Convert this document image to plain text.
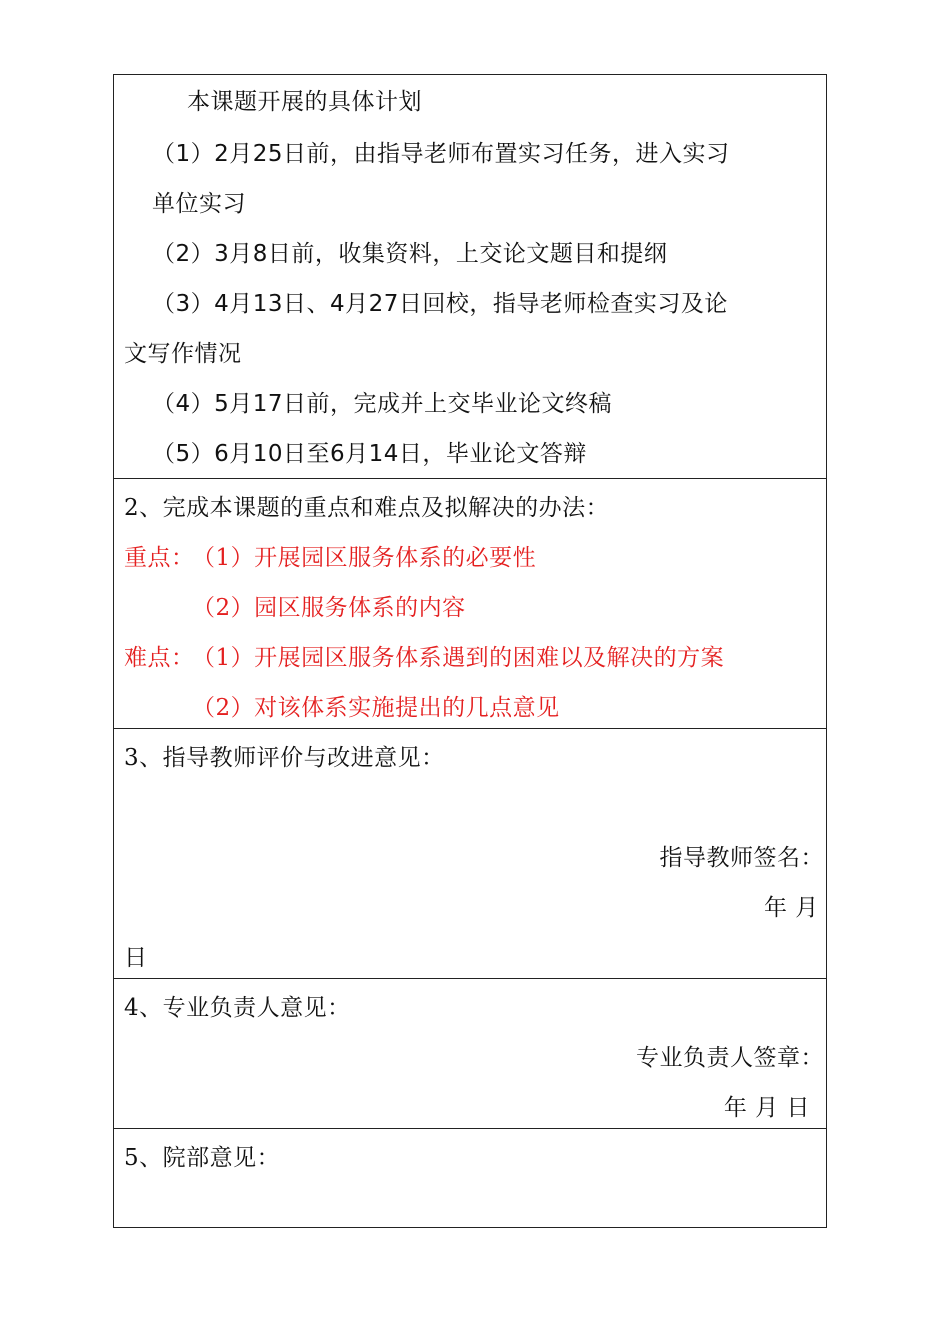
本课题开展的具体计划
（1）2月25日前，由指导老师布置实习任务，进入实习
单位实习
（2）3月8日前，收集资料，上交论文题目和提纲
（3）4月13日、4月27日回校，指导老师检查实习及论
文写作情况
（4）5月17日前，完成并上交毕业论文终稿
（5）6月10日至6月14日，毕业论文答辩
2、完成本课题的重点和难点及拟解决的办法：
重点：
（1）开展园区服务体系的必要性
（2）园区服务体系的内容
难点：
（1）开展园区服务体系遇到的困难以及解决的方案
（2）对该体系实施提出的几点意见
3、指导教师评价与改进意见：
指导教师签名：
年 月
日
4、专业负责人意见：
专业负责人签章：
年 月 日
5、院部意见：
